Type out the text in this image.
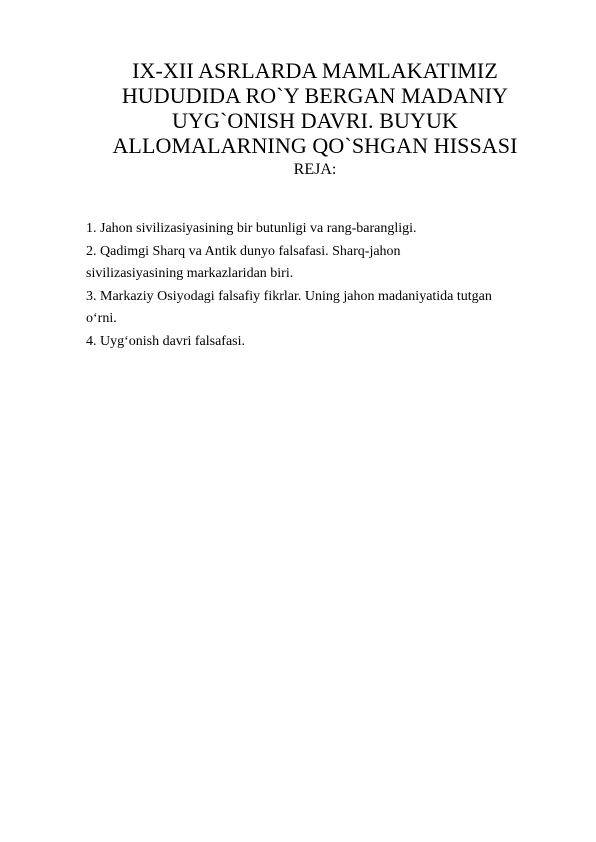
IX-XII ASRLARDA MAMLAKATIMIZ
HUDUDIDA RO`Y BERGAN MADANIY
UYG`ONISH DAVRI. BUYUK
ALLOMALARNING QO`SHGAN HISSASI
REJA:
1. Jahon sivilizasiyasining bir butunligi va rang-barangligi.
2. Qadimgi Sharq va Antik dunyo falsafasi. Sharq-jahon
sivilizasiyasining markazlaridan biri.
3. Markaziy Osiyodagi falsafiy fikrlar. Uning jahon madaniyatida tutgan
o‘rni.
4. Uyg‘onish davri falsafasi.
